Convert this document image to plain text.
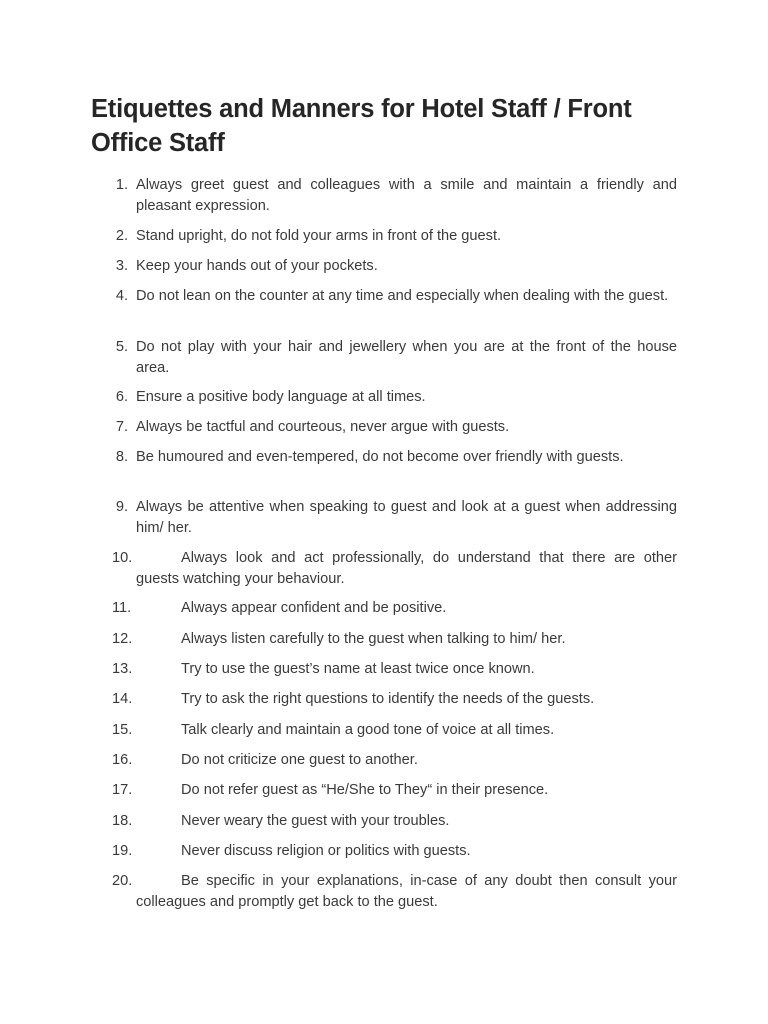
Etiquettes and Manners for Hotel Staff / Front Office Staff
1. Always greet guest and colleagues with a smile and maintain a friendly and pleasant expression.

2. Stand upright, do not fold your arms in front of the guest.

3. Keep your hands out of your pockets.

4. Do not lean on the counter at any time and especially when dealing with the guest.

5. Do not play with your hair and jewellery when you are at the front of the house area.

6. Ensure a positive body language at all times.

7. Always be tactful and courteous, never argue with guests.

8. Be humoured and even-tempered, do not become over friendly with guests.

9. Always be attentive when speaking to guest and look at a guest when addressing him/ her.

10.	Always look and act professionally, do understand that there are other guests watching your behaviour.

11.	Always appear confident and be positive.

12.	Always listen carefully to the guest when talking to him/ her.

13.	Try to use the guest’s name at least twice once known.

14.	Try to ask the right questions to identify the needs of the guests.

15.	Talk clearly and maintain a good tone of voice at all times.

16.	Do not criticize one guest to another.

17.	Do not refer guest as “He/She to They“ in their presence.

18.	Never weary the guest with your troubles.

19.	Never discuss religion or politics with guests.

20.	Be specific in your explanations, in-case of any doubt then consult your colleagues and promptly get back to the guest.
